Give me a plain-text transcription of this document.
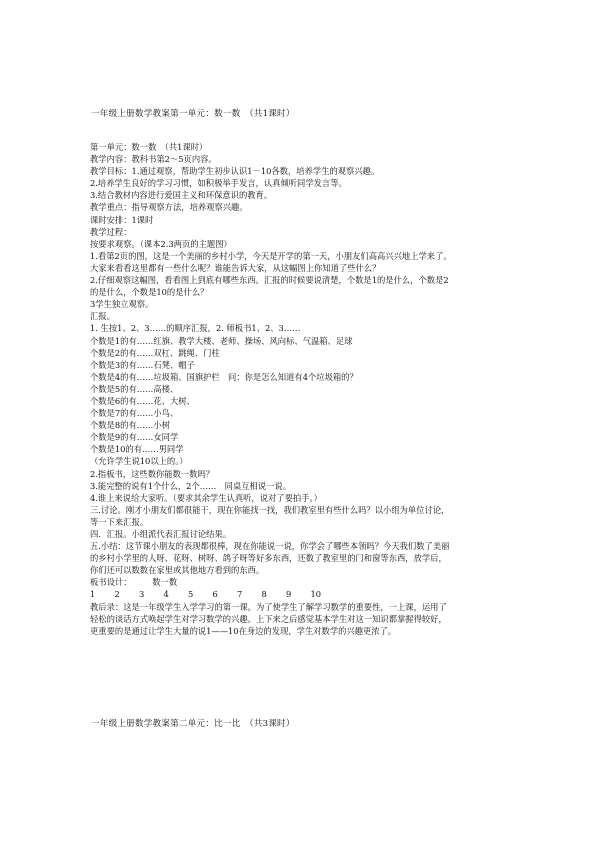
一年级上册数学教案第一单元：数一数　（共1课时）
第一单元：数一数　（共1课时）
教学内容：教科书第2～5页内容。
教学目标：1.通过观察，帮助学生初步认识1－10各数，培养学生的观察兴趣。
2.培养学生良好的学习习惯，如积极举手发言，认真倾听同学发言等。
3.结合教材内容进行爱国主义和环保意识的教育。
教学重点：指导观察方法，培养观察兴趣。
课时安排：1课时
教学过程：
按要求观察。（课本2.3两页的主题图）
1.看第2页的图，这是一个美丽的乡村小学，今天是开学的第一天，小朋友们高高兴兴地上学来了。
大家来看看这里都有一些什么呢？谁能告诉大家，从这幅图上你知道了些什么？
2.仔细观察这幅图，看看图上到底有哪些东西。汇报的时候要说清楚，个数是1的是什么，个数是2
的是什么，个数是10的是什么？
3学生独立观察。
汇报。
1. 生按1、2、3……的顺序汇报，2. 师板书1、2、3……
个数是1的有……红旗、教学大楼、老师、操场、风向标、气温箱、足球
个数是2的有……双杠、跳绳、门柱
个数是3的有……石凳、帽子
个数是4的有……垃圾箱、国旗护栏　问：你是怎么知道有4个垃圾箱的？
个数是5的有……高楼、
个数是6的有……花、大树、
个数是7的有……小鸟、
个数是8的有……小树
个数是9的有……女同学
个数是10的有……男同学
（允许学生说10以上的。）
2.指板书，这些数你能数一数吗？
3.能完整的说有1个什么，2个……　同桌互相说一说。
4.谁上来说给大家听。（要求其余学生认真听，说对了要拍手。）
三.讨论。刚才小朋友们都很能干，现在你能找一找，我们教室里有些什么吗？以小组为单位讨论，
等一下来汇报。
四．汇报。小组派代表汇报讨论结果。
五.小结：这节课小朋友的表现都很棒，现在你能说一说，你学会了哪些本领吗？今天我们数了美丽
的乡村小学里的人呀、花呀、树呀、鸽子呀等好多东西，还数了教室里的门和窗等东西，放学后，
你们还可以数数在家里或其他地方看到的东西。
板书设计：　　　数一数
1 2 3 4 5 6 7 8 9 10
教后录：这是一年级学生入学学习的第一课。为了使学生了解学习数学的重要性，一上课，运用了
轻松的谈话方式唤起学生对学习数学的兴趣。上下来之后感觉基本学生对这一知识都掌握得较好，
更重要的是通过让学生大量的说1——10在身边的发现，学生对数学的兴趣更浓了。
一年级上册数学教案第二单元：比一比　（共3课时）
